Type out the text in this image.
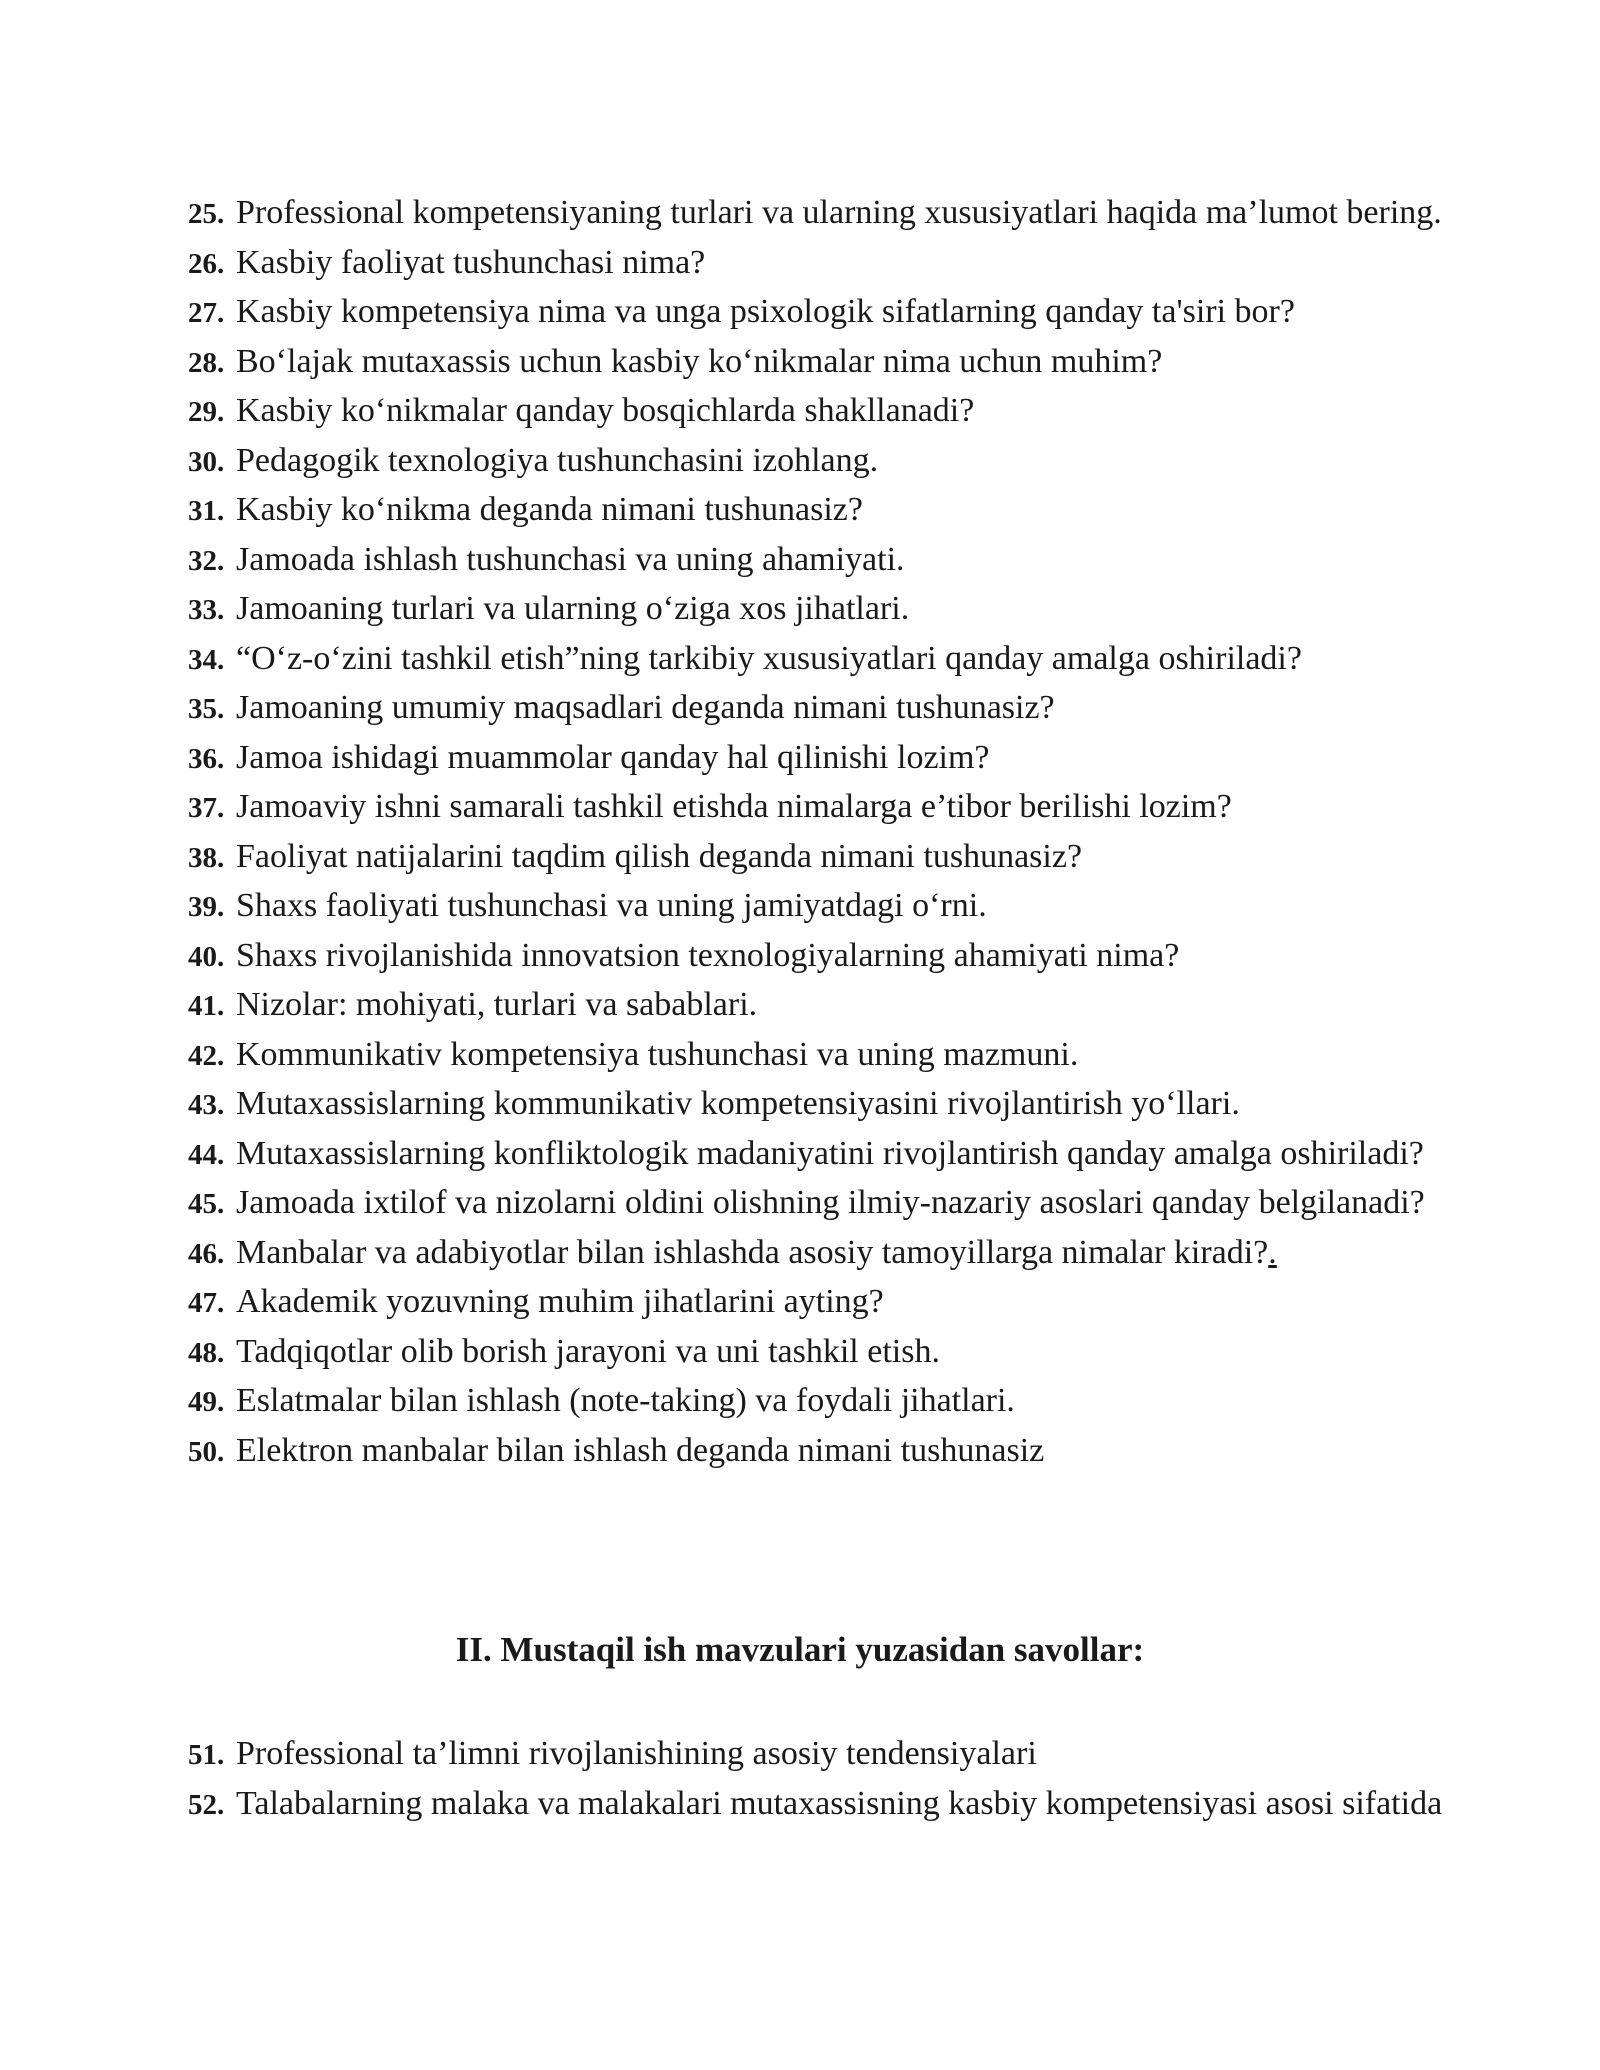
25. Professional kompetensiyaning turlari va ularning xususiyatlari haqida ma’lumot bering.
26. Kasbiy faoliyat tushunchasi nima?
27. Kasbiy kompetensiya nima va unga psixologik sifatlarning qanday ta'siri bor?
28. Bo‘lajak mutaxassis uchun kasbiy ko‘nikmalar nima uchun muhim?
29. Kasbiy ko‘nikmalar qanday bosqichlarda shakllanadi?
30. Pedagogik texnologiya tushunchasini izohlang.
31. Kasbiy ko‘nikma deganda nimani tushunasiz?
32. Jamoada ishlash tushunchasi va uning ahamiyati.
33. Jamoaning turlari va ularning o‘ziga xos jihatlari.
34. “O‘z-o‘zini tashkil etish”ning tarkibiy xususiyatlari qanday amalga oshiriladi?
35. Jamoaning umumiy maqsadlari deganda nimani tushunasiz?
36. Jamoa ishidagi muammolar qanday hal qilinishi lozim?
37. Jamoaviy ishni samarali tashkil etishda nimalarga e’tibor berilishi lozim?
38. Faoliyat natijalarini taqdim qilish deganda nimani tushunasiz?
39. Shaxs faoliyati tushunchasi va uning jamiyatdagi o‘rni.
40. Shaxs rivojlanishida innovatsion texnologiyalarning ahamiyati nima?
41. Nizolar: mohiyati, turlari va sabablari.
42. Kommunikativ kompetensiya tushunchasi va uning mazmuni.
43. Mutaxassislarning kommunikativ kompetensiyasini rivojlantirish yo‘llari.
44. Mutaxassislarning konfliktologik madaniyatini rivojlantirish qanday amalga oshiriladi?
45. Jamoada ixtilof va nizolarni oldini olishning ilmiy-nazariy asoslari qanday belgilanadi?
46. Manbalar va adabiyotlar bilan ishlashda asosiy tamoyillarga nimalar kiradi?.
47. Akademik yozuvning muhim jihatlarini ayting?
48. Tadqiqotlar olib borish jarayoni va uni tashkil etish.
49. Eslatmalar bilan ishlash (note-taking) va foydali jihatlari.
50. Elektron manbalar bilan ishlash deganda nimani tushunasiz
II. Mustaqil ish mavzulari yuzasidan savollar:
51. Professional ta’limni rivojlanishining asosiy tendensiyalari
52. Talabalarning malaka va malakalari mutaxassisning kasbiy kompetensiyasi asosi sifatida
